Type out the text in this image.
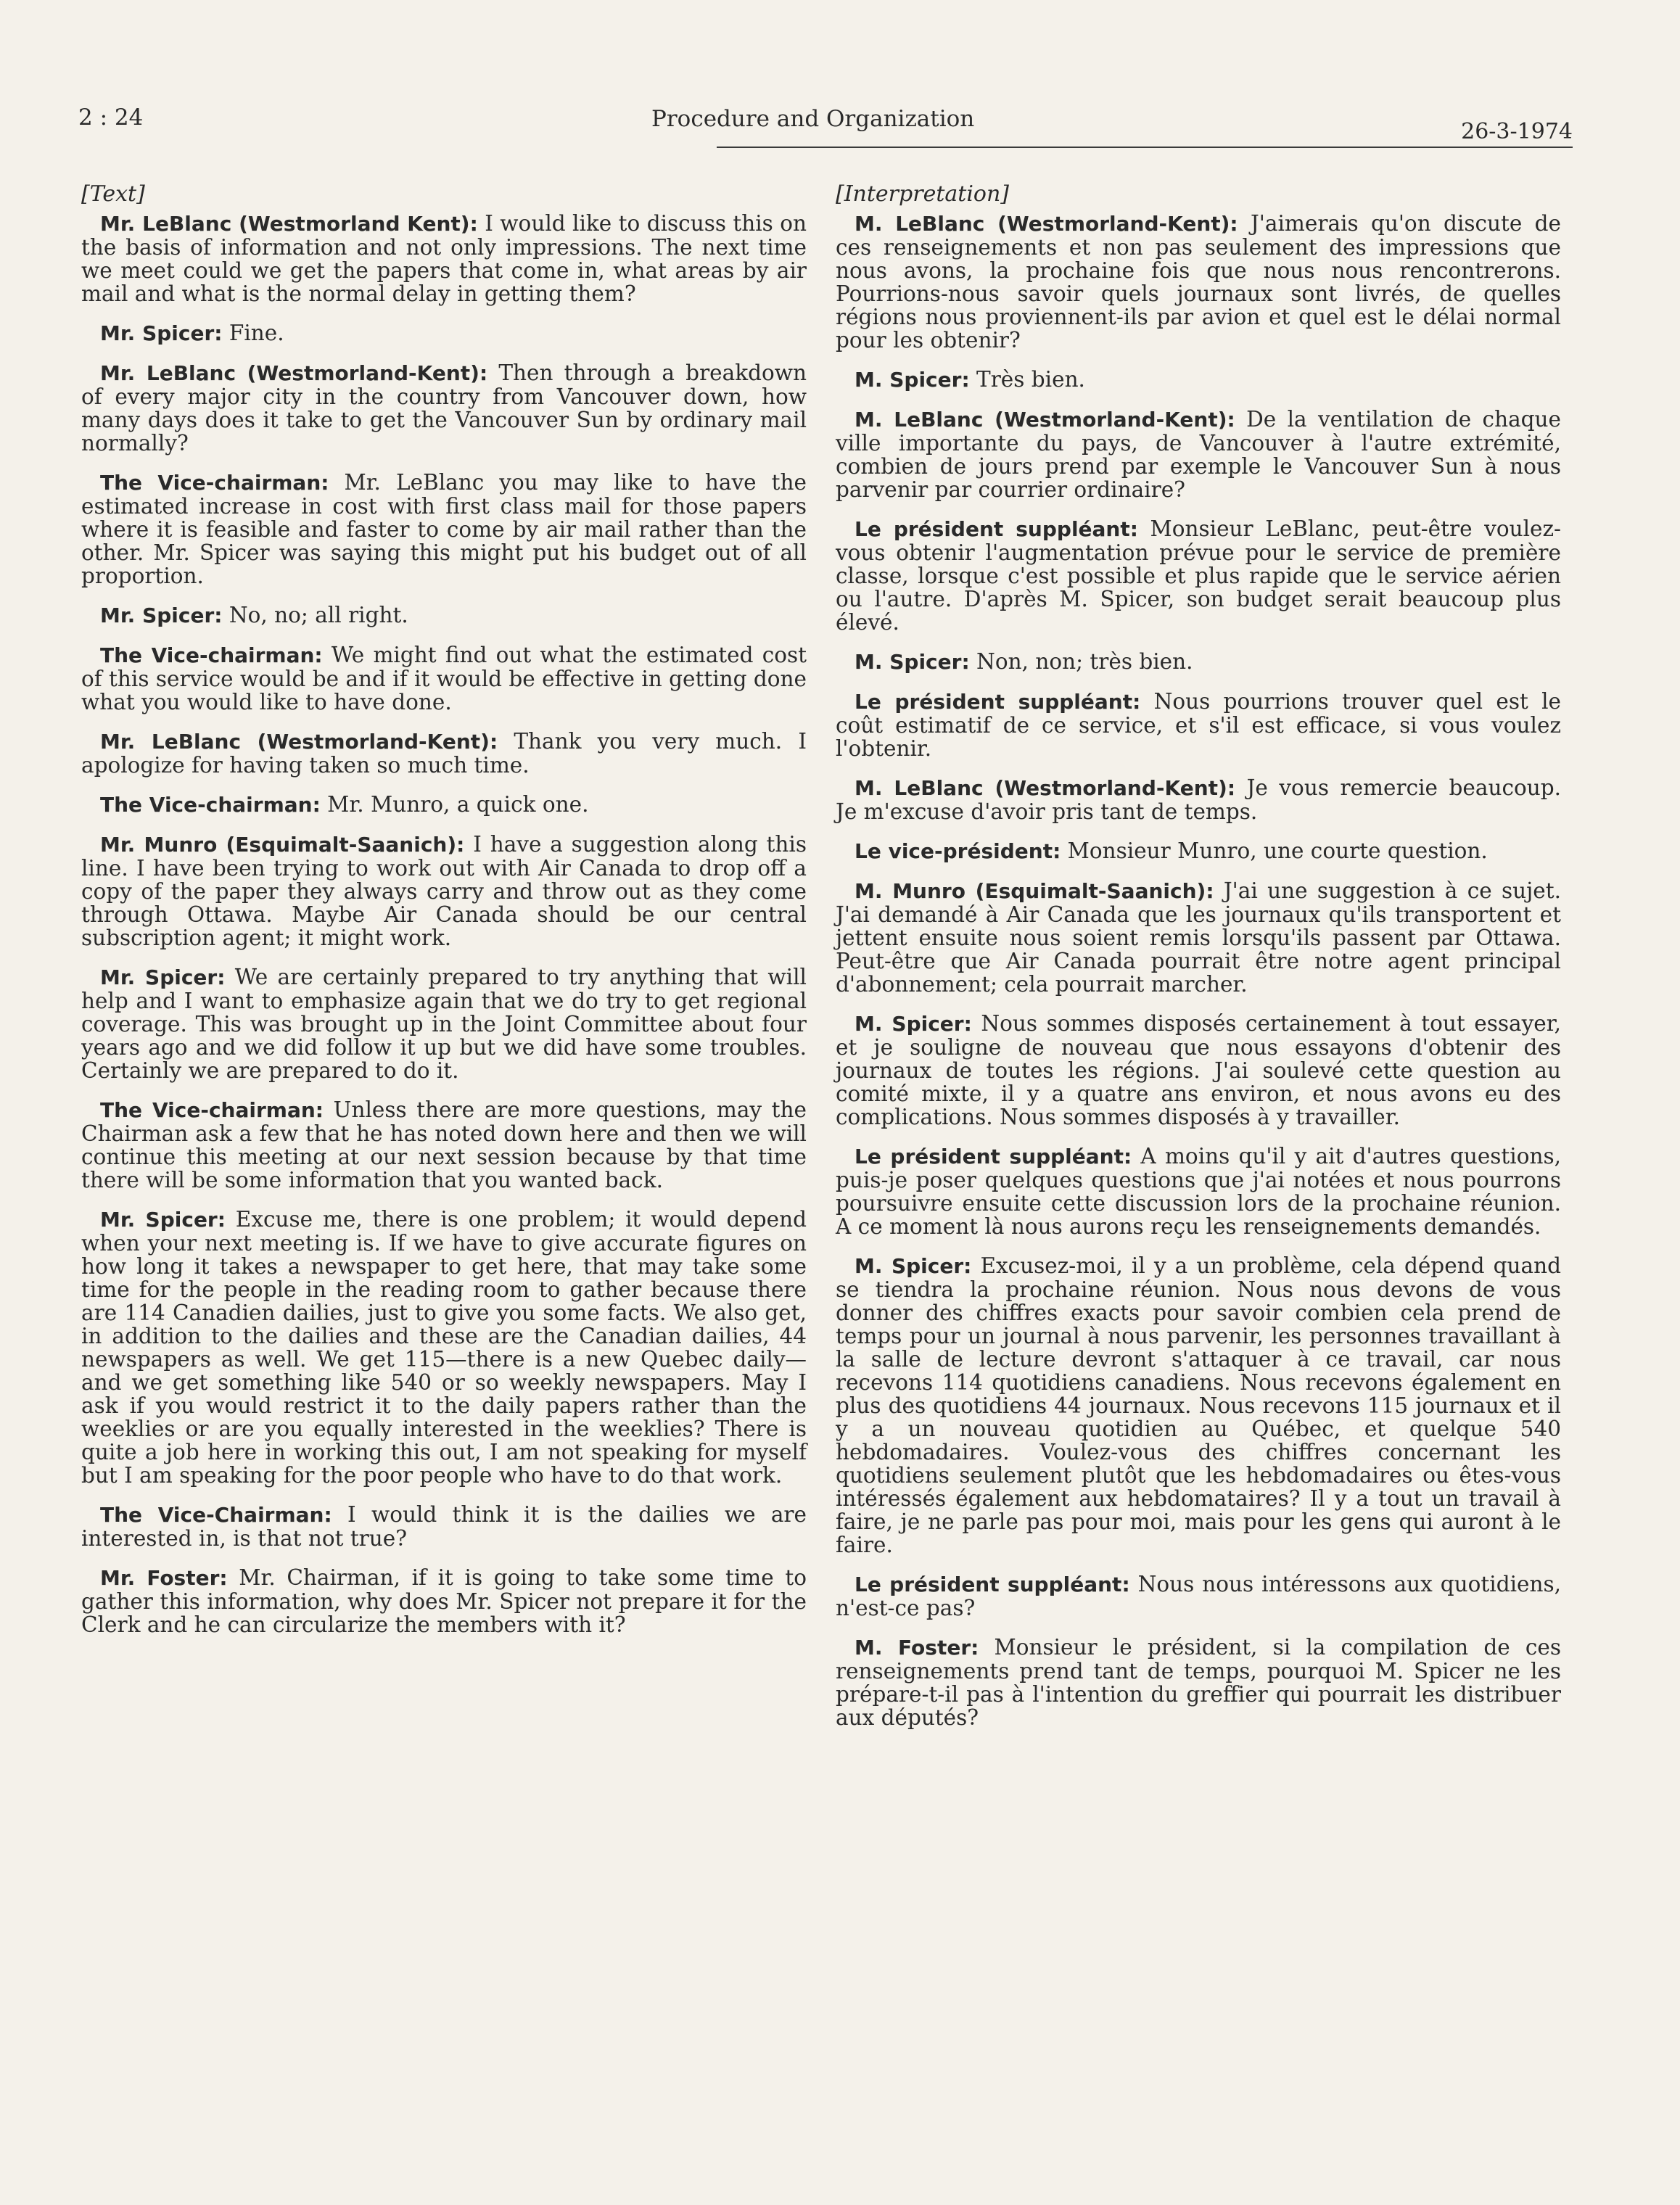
2 : 24	Procedure and Organization	26-3-1974
[Text]

Mr. LeBlanc (Westmorland Kent): I would like to discuss this on the basis of information and not only impressions. The next time we meet could we get the papers that come in, what areas by air mail and what is the normal delay in getting them?

Mr. Spicer: Fine.

Mr. LeBlanc (Westmorland-Kent): Then through a breakdown of every major city in the country from Vancouver down, how many days does it take to get the Vancouver Sun by ordinary mail normally?

The Vice-chairman: Mr. LeBlanc you may like to have the estimated increase in cost with first class mail for those papers where it is feasible and faster to come by air mail rather than the other. Mr. Spicer was saying this might put his budget out of all proportion.

Mr. Spicer: No, no; all right.

The Vice-chairman: We might find out what the estimated cost of this service would be and if it would be effective in getting done what you would like to have done.

Mr. LeBlanc (Westmorland-Kent): Thank you very much. I apologize for having taken so much time.

The Vice-chairman: Mr. Munro, a quick one.

Mr. Munro (Esquimalt-Saanich): I have a suggestion along this line. I have been trying to work out with Air Canada to drop off a copy of the paper they always carry and throw out as they come through Ottawa. Maybe Air Canada should be our central subscription agent; it might work.

Mr. Spicer: We are certainly prepared to try anything that will help and I want to emphasize again that we do try to get regional coverage. This was brought up in the Joint Committee about four years ago and we did follow it up but we did have some troubles. Certainly we are prepared to do it.

The Vice-chairman: Unless there are more questions, may the Chairman ask a few that he has noted down here and then we will continue this meeting at our next session because by that time there will be some information that you wanted back.

Mr. Spicer: Excuse me, there is one problem; it would depend when your next meeting is. If we have to give accurate figures on how long it takes a newspaper to get here, that may take some time for the people in the reading room to gather because there are 114 Canadien dailies, just to give you some facts. We also get, in addition to the dailies and these are the Canadian dailies, 44 newspapers as well. We get 115—there is a new Quebec daily—and we get something like 540 or so weekly newspapers. May I ask if you would restrict it to the daily papers rather than the weeklies or are you equally interested in the weeklies? There is quite a job here in working this out, I am not speaking for myself but I am speaking for the poor people who have to do that work.

The Vice-Chairman: I would think it is the dailies we are interested in, is that not true?

Mr. Foster: Mr. Chairman, if it is going to take some time to gather this information, why does Mr. Spicer not prepare it for the Clerk and he can circularize the members with it?

[Interpretation]

M. LeBlanc (Westmorland-Kent): J'aimerais qu'on discute de ces renseignements et non pas seulement des impressions que nous avons, la prochaine fois que nous nous rencontrerons. Pourrions-nous savoir quels journaux sont livrés, de quelles régions nous proviennent-ils par avion et quel est le délai normal pour les obtenir?

M. Spicer: Très bien.

M. LeBlanc (Westmorland-Kent): De la ventilation de chaque ville importante du pays, de Vancouver à l'autre extrémité, combien de jours prend par exemple le Vancouver Sun à nous parvenir par courrier ordinaire?

Le président suppléant: Monsieur LeBlanc, peut-être voulez-vous obtenir l'augmentation prévue pour le service de première classe, lorsque c'est possible et plus rapide que le service aérien ou l'autre. D'après M. Spicer, son budget serait beaucoup plus élevé.

M. Spicer: Non, non; très bien.

Le président suppléant: Nous pourrions trouver quel est le coût estimatif de ce service, et s'il est efficace, si vous voulez l'obtenir.

M. LeBlanc (Westmorland-Kent): Je vous remercie beaucoup. Je m'excuse d'avoir pris tant de temps.

Le vice-président: Monsieur Munro, une courte question.

M. Munro (Esquimalt-Saanich): J'ai une suggestion à ce sujet. J'ai demandé à Air Canada que les journaux qu'ils transportent et jettent ensuite nous soient remis lorsqu'ils passent par Ottawa. Peut-être que Air Canada pourrait être notre agent principal d'abonnement; cela pourrait marcher.

M. Spicer: Nous sommes disposés certainement à tout essayer, et je souligne de nouveau que nous essayons d'obtenir des journaux de toutes les régions. J'ai soulevé cette question au comité mixte, il y a quatre ans environ, et nous avons eu des complications. Nous sommes disposés à y travailler.

Le président suppléant: A moins qu'il y ait d'autres questions, puis-je poser quelques questions que j'ai notées et nous pourrons poursuivre ensuite cette discussion lors de la prochaine réunion. A ce moment là nous aurons reçu les renseignements demandés.

M. Spicer: Excusez-moi, il y a un problème, cela dépend quand se tiendra la prochaine réunion. Nous nous devons de vous donner des chiffres exacts pour savoir combien cela prend de temps pour un journal à nous parvenir, les personnes travaillant à la salle de lecture devront s'attaquer à ce travail, car nous recevons 114 quotidiens canadiens. Nous recevons également en plus des quotidiens 44 journaux. Nous recevons 115 journaux et il y a un nouveau quotidien au Québec, et quelque 540 hebdomadaires. Voulez-vous des chiffres concernant les quotidiens seulement plutôt que les hebdomadaires ou êtes-vous intéressés également aux hebdomataires? Il y a tout un travail à faire, je ne parle pas pour moi, mais pour les gens qui auront à le faire.

Le président suppléant: Nous nous intéressons aux quotidiens, n'est-ce pas?

M. Foster: Monsieur le président, si la compilation de ces renseignements prend tant de temps, pourquoi M. Spicer ne les prépare-t-il pas à l'intention du greffier qui pourrait les distribuer aux députés?
